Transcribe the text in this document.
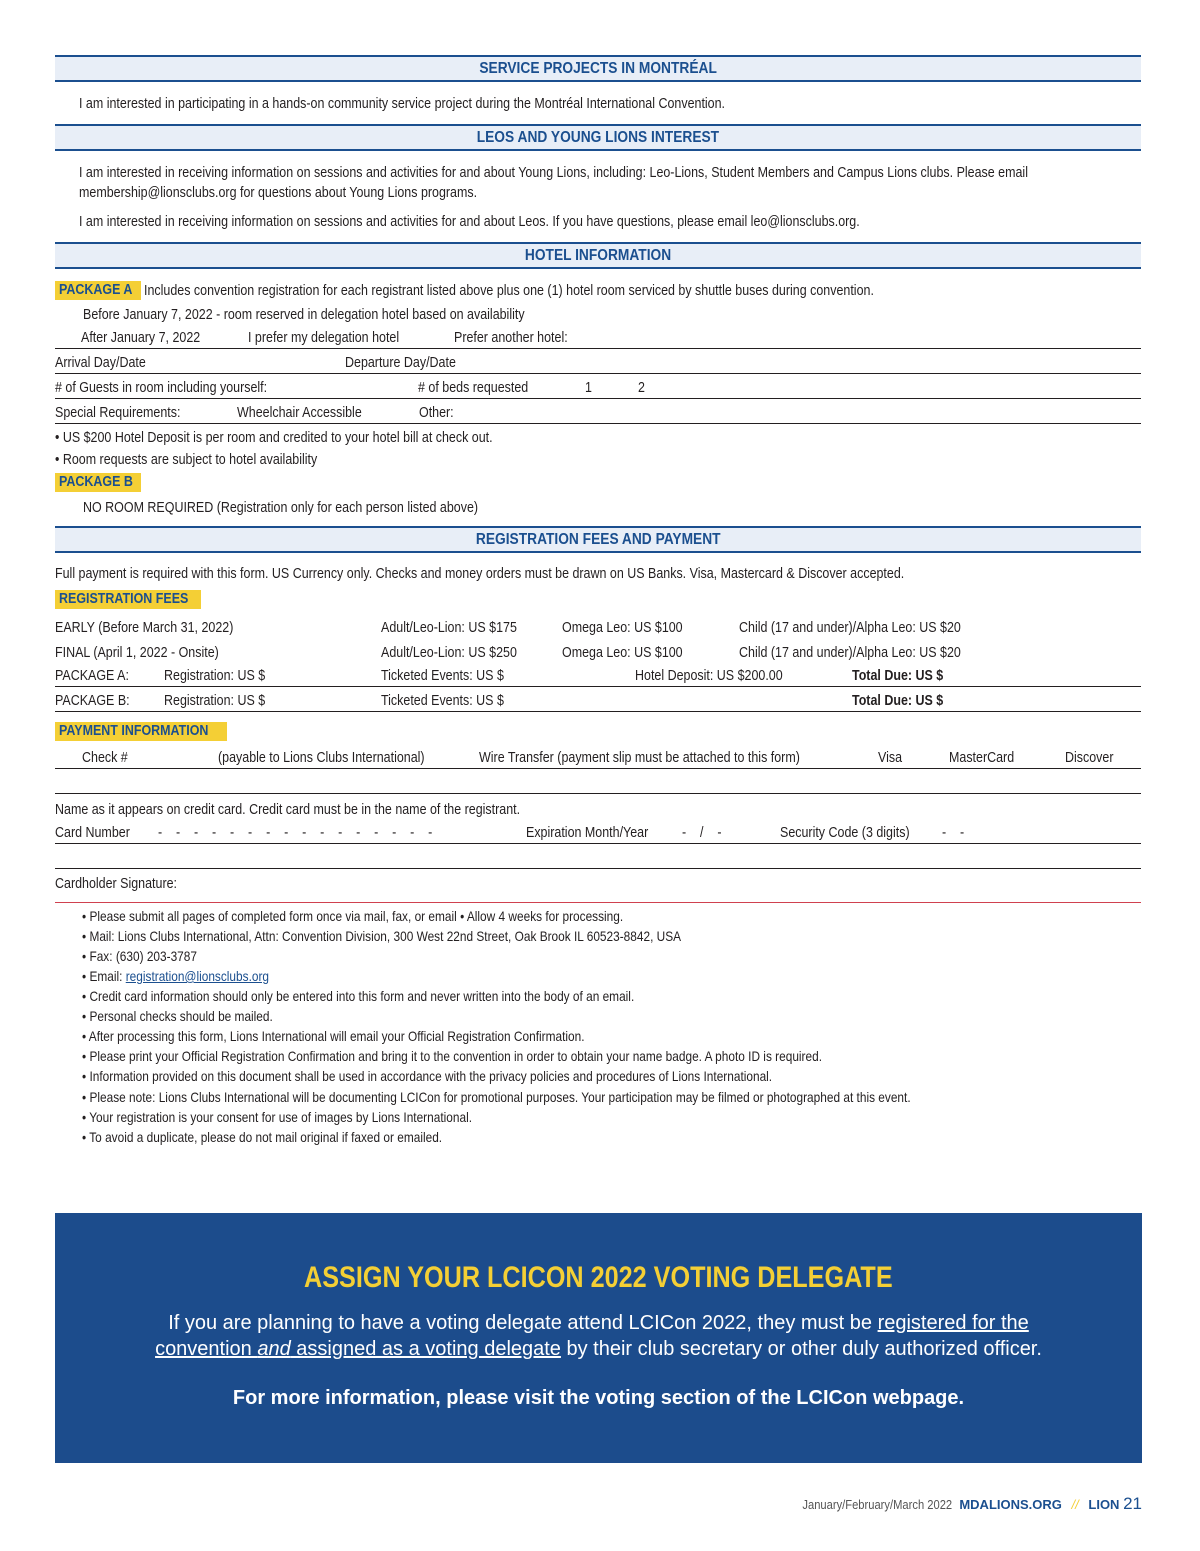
SERVICE PROJECTS IN MONTRÉAL
I am interested in participating in a hands-on community service project during the Montréal International Convention.
LEOS AND YOUNG LIONS INTEREST
I am interested in receiving information on sessions and activities for and about Young Lions, including: Leo-Lions, Student Members and Campus Lions clubs. Please email
membership@lionsclubs.org for questions about Young Lions programs.
I am interested in receiving information on sessions and activities for and about Leos. If you have questions, please email leo@lionsclubs.org.
HOTEL INFORMATION
PACKAGE A Includes convention registration for each registrant listed above plus one (1) hotel room serviced by shuttle buses during convention.
Before January 7, 2022 - room reserved in delegation hotel based on availability
After January 7, 2022	I prefer my delegation hotel	Prefer another hotel:
Arrival Day/Date	Departure Day/Date
# of Guests in room including yourself:	# of beds requested	1	2
Special Requirements:	Wheelchair Accessible	Other:
• US $200 Hotel Deposit is per room and credited to your hotel bill at check out.
• Room requests are subject to hotel availability
PACKAGE B
NO ROOM REQUIRED (Registration only for each person listed above)
REGISTRATION FEES AND PAYMENT
Full payment is required with this form. US Currency only. Checks and money orders must be drawn on US Banks. Visa, Mastercard & Discover accepted.
REGISTRATION FEES
EARLY (Before March 31, 2022)	Adult/Leo-Lion: US $175	Omega Leo: US $100	Child (17 and under)/Alpha Leo: US $20
FINAL (April 1, 2022 - Onsite)	Adult/Leo-Lion: US $250	Omega Leo: US $100	Child (17 and under)/Alpha Leo: US $20
PACKAGE A: Registration: US $	Ticketed Events: US $	Hotel Deposit: US $200.00	Total Due: US $
PACKAGE B: Registration: US $	Ticketed Events: US $	Total Due: US $
PAYMENT INFORMATION
Check #	(payable to Lions Clubs International)	Wire Transfer (payment slip must be attached to this form)	Visa	MasterCard	Discover
Name as it appears on credit card. Credit card must be in the name of the registrant.
Card Number -    -    -    -    -    -    -    -    -    -    -    -    -    -    -    -	Expiration Month/Year -    /    -	Security Code (3 digits) -    -
Cardholder Signature:
• Please submit all pages of completed form once via mail, fax, or email • Allow 4 weeks for processing.
• Mail: Lions Clubs International, Attn: Convention Division, 300 West 22nd Street, Oak Brook IL 60523-8842, USA
• Fax: (630) 203-3787
• Email: registration@lionsclubs.org
• Credit card information should only be entered into this form and never written into the body of an email.
• Personal checks should be mailed.
• After processing this form, Lions International will email your Official Registration Confirmation.
• Please print your Official Registration Confirmation and bring it to the convention in order to obtain your name badge. A photo ID is required.
• Information provided on this document shall be used in accordance with the privacy policies and procedures of Lions International.
• Please note: Lions Clubs International will be documenting LCICon for promotional purposes. Your participation may be filmed or photographed at this event.
• Your registration is your consent for use of images by Lions International.
• To avoid a duplicate, please do not mail original if faxed or emailed.
ASSIGN YOUR LCICON 2022 VOTING DELEGATE
If you are planning to have a voting delegate attend LCICon 2022, they must be registered for the
convention and assigned as a voting delegate by their club secretary or other duly authorized officer.
For more information, please visit the voting section of the LCICon webpage.
January/February/March 2022 MDALIONS.ORG // LION 21
